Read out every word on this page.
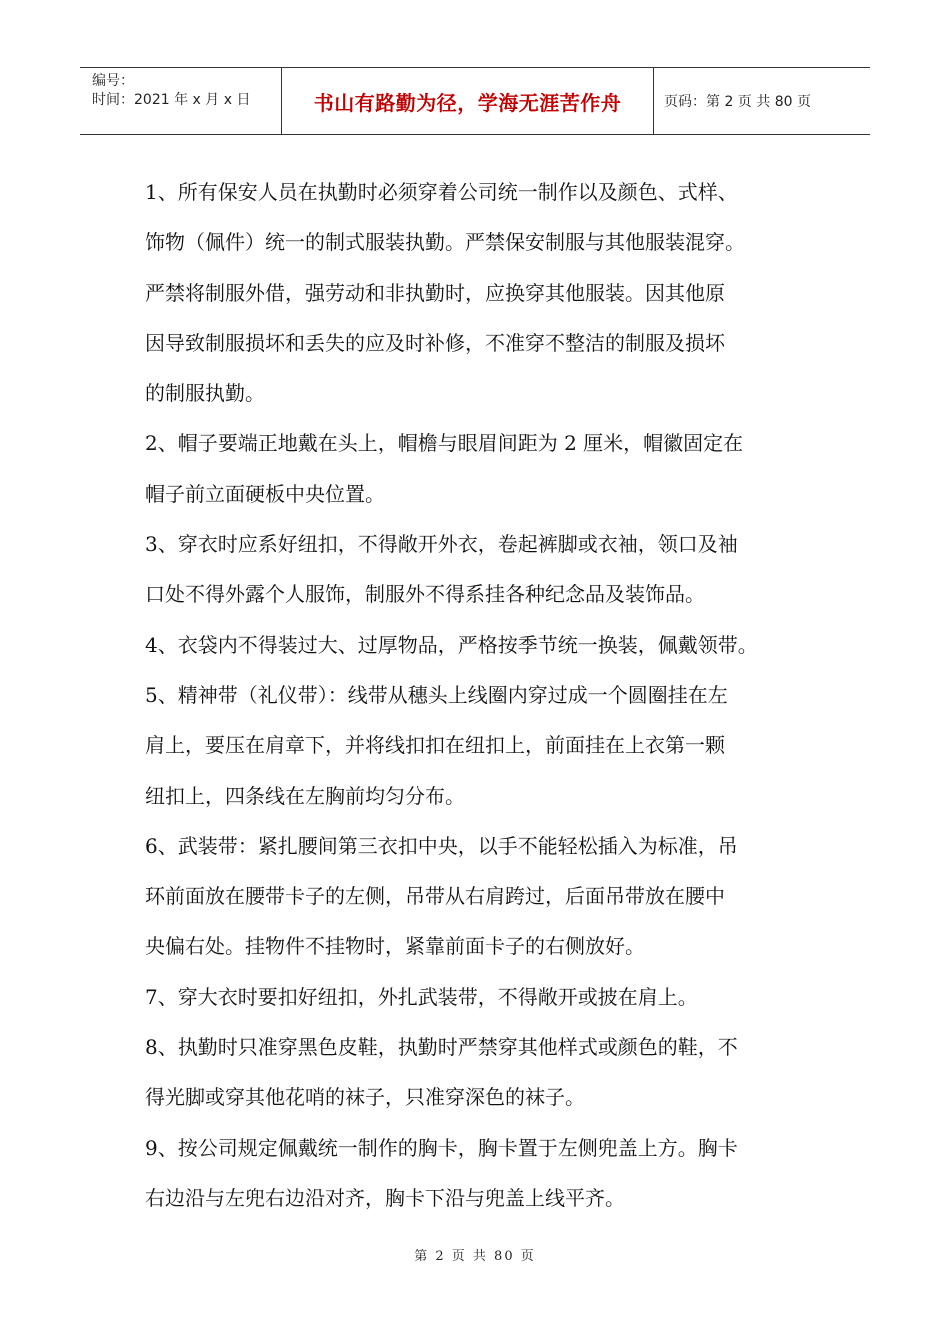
编号：
时间：2021 年 x 月 x 日	书山有路勤为径，学海无涯苦作舟	页码：第 2 页 共 80 页
1、所有保安人员在执勤时必须穿着公司统一制作以及颜色、式样、
饰物（佩件）统一的制式服装执勤。严禁保安制服与其他服装混穿。
严禁将制服外借，强劳动和非执勤时，应换穿其他服装。因其他原
因导致制服损坏和丢失的应及时补修，不准穿不整洁的制服及损坏
的制服执勤。
2、帽子要端正地戴在头上，帽檐与眼眉间距为 2 厘米，帽徽固定在
帽子前立面硬板中央位置。
3、穿衣时应系好纽扣，不得敞开外衣，卷起裤脚或衣袖，领口及袖
口处不得外露个人服饰，制服外不得系挂各种纪念品及装饰品。
4、衣袋内不得装过大、过厚物品，严格按季节统一换装，佩戴领带。
5、精神带（礼仪带）：线带从穗头上线圈内穿过成一个圆圈挂在左
肩上，要压在肩章下，并将线扣扣在纽扣上，前面挂在上衣第一颗
纽扣上，四条线在左胸前均匀分布。
6、武装带：紧扎腰间第三衣扣中央，以手不能轻松插入为标准，吊
环前面放在腰带卡子的左侧，吊带从右肩跨过，后面吊带放在腰中
央偏右处。挂物件不挂物时，紧靠前面卡子的右侧放好。
7、穿大衣时要扣好纽扣，外扎武装带，不得敞开或披在肩上。
8、执勤时只准穿黑色皮鞋，执勤时严禁穿其他样式或颜色的鞋，不
得光脚或穿其他花哨的袜子，只准穿深色的袜子。
9、按公司规定佩戴统一制作的胸卡，胸卡置于左侧兜盖上方。胸卡
右边沿与左兜右边沿对齐，胸卡下沿与兜盖上线平齐。
第 2 页 共 80 页
